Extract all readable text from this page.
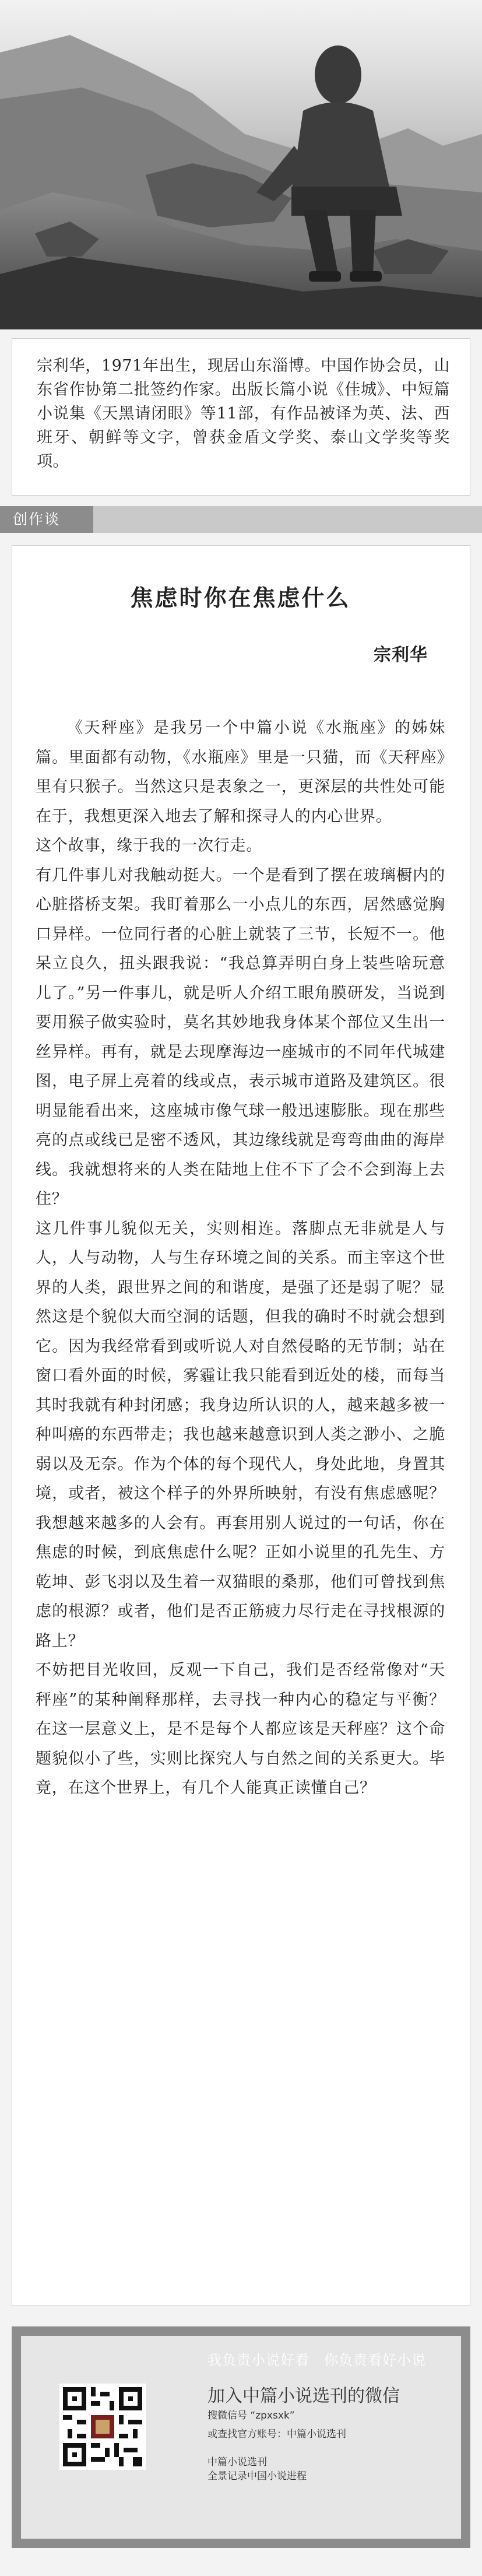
宗利华，1971年出生，现居山东淄博。中国作协会员，山东省作协第二批签约作家。出版长篇小说《佳城》、中短篇小说集《天黑请闭眼》等11部，有作品被译为英、法、西班牙、朝鲜等文字，曾获金盾文学奖、泰山文学奖等奖项。
创作谈
焦虑时你在焦虑什么
宗利华

《天秤座》是我另一个中篇小说《水瓶座》的姊妹篇。里面都有动物，《水瓶座》里是一只猫，而《天秤座》里有只猴子。当然这只是表象之一，更深层的共性处可能在于，我想更深入地去了解和探寻人的内心世界。

这个故事，缘于我的一次行走。

有几件事儿对我触动挺大。一个是看到了摆在玻璃橱内的心脏搭桥支架。我盯着那么一小点儿的东西，居然感觉胸口异样。一位同行者的心脏上就装了三节，长短不一。他呆立良久，扭头跟我说：“我总算弄明白身上装些啥玩意儿了。”另一件事儿，就是听人介绍工眼角膜研发，当说到要用猴子做实验时，莫名其妙地我身体某个部位又生出一丝异样。再有，就是去现摩海边一座城市的不同年代城建图，电子屏上亮着的线或点，表示城市道路及建筑区。很明显能看出来，这座城市像气球一般迅速膨胀。现在那些亮的点或线已是密不透风，其边缘线就是弯弯曲曲的海岸线。我就想将来的人类在陆地上住不下了会不会到海上去住？

这几件事儿貌似无关，实则相连。落脚点无非就是人与人，人与动物，人与生存环境之间的关系。而主宰这个世界的人类，跟世界之间的和谐度，是强了还是弱了呢？显然这是个貌似大而空洞的话题，但我的确时不时就会想到它。因为我经常看到或听说人对自然侵略的无节制；站在窗口看外面的时候，雾霾让我只能看到近处的楼，而每当其时我就有种封闭感；我身边所认识的人，越来越多被一种叫癌的东西带走；我也越来越意识到人类之渺小、之脆弱以及无奈。作为个体的每个现代人，身处此地，身置其境，或者，被这个样子的外界所映射，有没有焦虑感呢？我想越来越多的人会有。再套用别人说过的一句话，你在焦虑的时候，到底焦虑什么呢？正如小说里的孔先生、方乾坤、彭飞羽以及生着一双猫眼的桑那，他们可曾找到焦虑的根源？或者，他们是否正筋疲力尽行走在寻找根源的路上？

不妨把目光收回，反观一下自己，我们是否经常像对“天秤座”的某种阐释那样，去寻找一种内心的稳定与平衡？在这一层意义上，是不是每个人都应该是天秤座？这个命题貌似小了些，实则比探究人与自然之间的关系更大。毕竟，在这个世界上，有几个人能真正读懂自己？

我负责小说好看　你负责看好小说
加入中篇小说选刊的微信
搜微信号 “zpxsxk”
或查找官方账号：中篇小说选刊
中篇小说选刊
全景记录中国小说进程
